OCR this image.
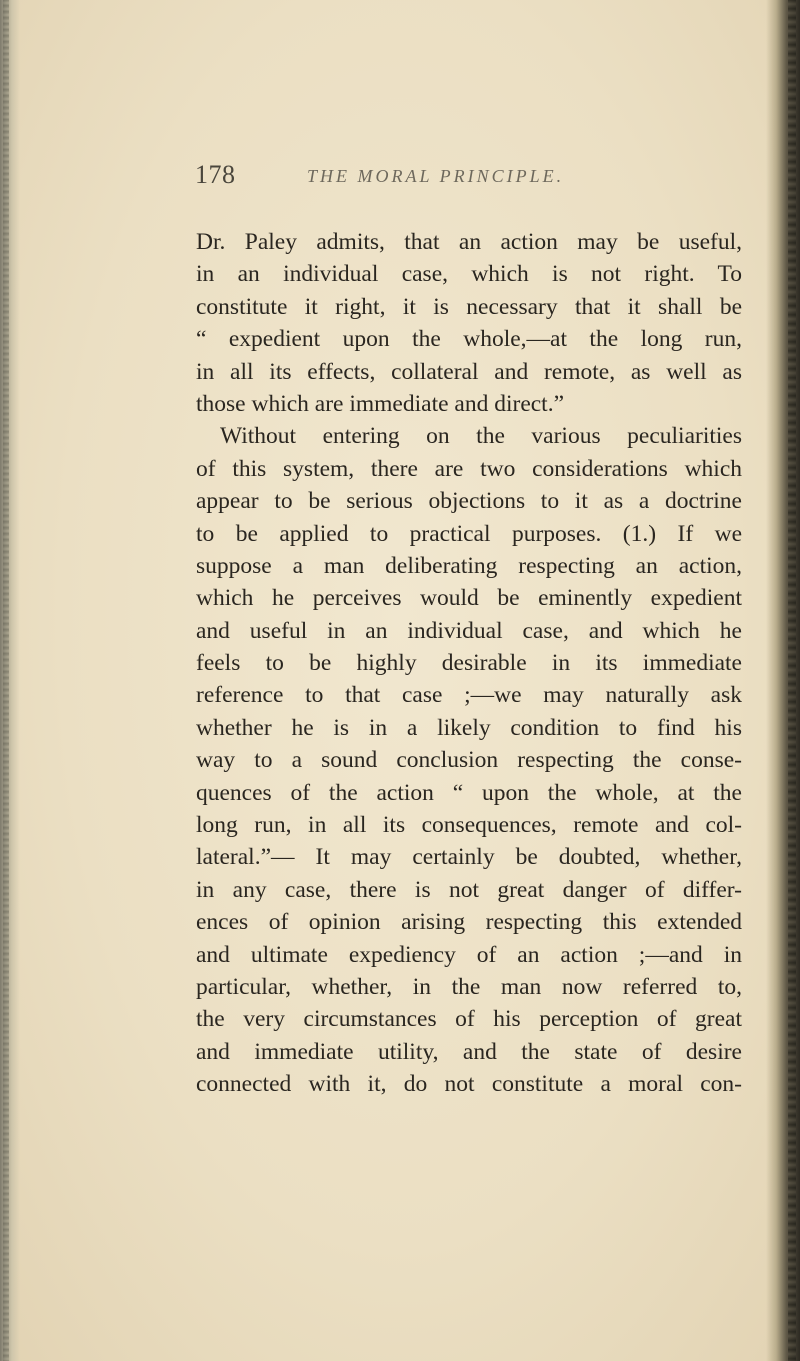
178	THE MORAL PRINCIPLE.
Dr. Paley admits, that an action may be useful,
in an individual case, which is not right. To
constitute it right, it is necessary that it shall be
“ expedient upon the whole,—at the long run,
in all its effects, collateral and remote, as well as
those which are immediate and direct.”
Without entering on the various peculiarities
of this system, there are two considerations which
appear to be serious objections to it as a doctrine
to be applied to practical purposes. (1.) If we
suppose a man deliberating respecting an action,
which he perceives would be eminently expedient
and useful in an individual case, and which he
feels to be highly desirable in its immediate
reference to that case ;—we may naturally ask
whether he is in a likely condition to find his
way to a sound conclusion respecting the conse-
quences of the action “ upon the whole, at the
long run, in all its consequences, remote and col-
lateral.”— It may certainly be doubted, whether,
in any case, there is not great danger of differ-
ences of opinion arising respecting this extended
and ultimate expediency of an action ;—and in
particular, whether, in the man now referred to,
the very circumstances of his perception of great
and immediate utility, and the state of desire
connected with it, do not constitute a moral con-
